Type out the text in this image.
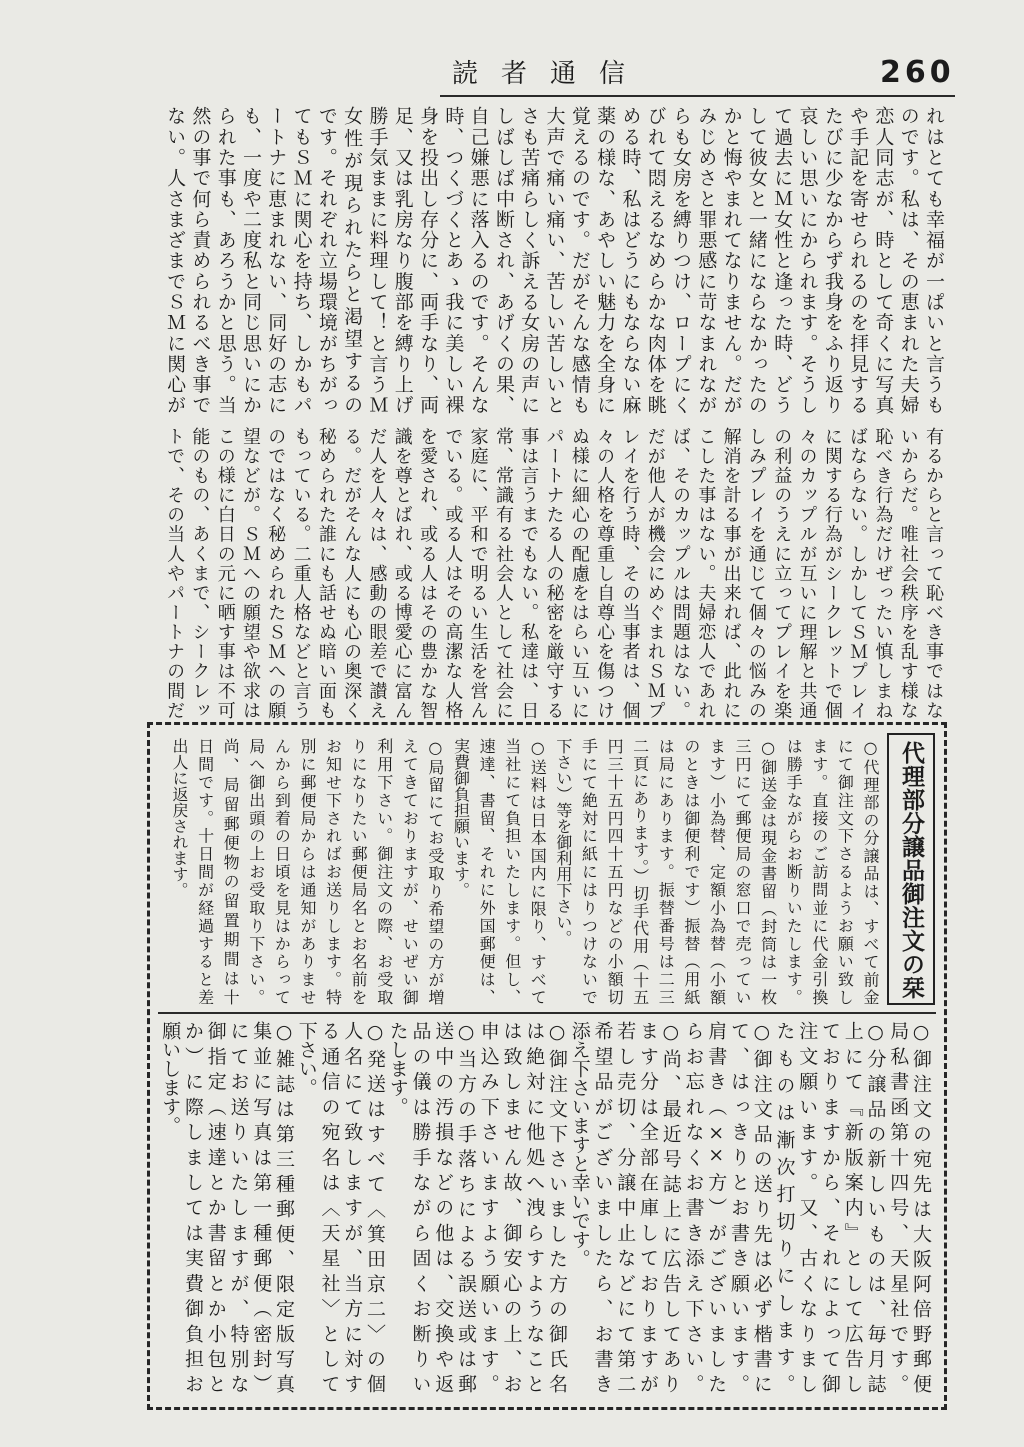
読者通信	260
れはとても幸福が一ぱいと言うも
のです。私は、その恵まれた夫婦
恋人同志が、時として奇くに写真
や手記を寄せられるのを拝見する
たびに少なからず我身をふり返り
哀しい思いにかられます。そうし
て過去にＭ女性と逢った時、どう
して彼女と一緒にならなかったの
かと悔やまれてなりません。だが
みじめさと罪悪感に苛なまれなが
らも女房を縛りつけ、ロープにく
びれて悶えるなめらかな肉体を眺
める時、私はどうにもならない麻
薬の様な、あやしい魅力を全身に
覚えるのです。だがそんな感情も
大声で痛い痛い、苦しい苦しいと
さも苦痛らしく訴える女房の声に
しばしば中断され、あげくの果、
自己嫌悪に落入るのです。そんな
時、つくづくとあゝ我に美しい裸
身を投出し存分に、両手なり、両
足、又は乳房なり腹部を縛り上げ
勝手気ままに料理して！と言うＭ
女性が現られたらと渇望するの
です。それぞれ立場環境がちがっ
てもＳＭに関心を持ち、しかもパ
ートナに恵まれない、同好の志に
も、一度や二度私と同じ思いにか
られた事も、あろうかと思う。当
然の事で何ら責められるべき事で
ない。人さまざまでＳＭに関心が
有るからと言って恥べき事ではな
いからだ。唯社会秩序を乱す様な
恥べき行為だけぜったい慎しまね
ばならない。しかしてＳＭプレイ
に関する行為がシークレットで個
々のカップルが互いに理解と共通
の利益のうえに立ってプレイを楽
しみプレイを通じて個々の悩みの
解消を計る事が出来れば、此れに
こした事はない。夫婦恋人であれ
ば、そのカップルは問題はない。
だが他人が機会にめぐまれＳＭプ
レイを行う時、その当事者は、個
々の人格を尊重し自尊心を傷つけ
ぬ様に細心の配慮をはらい互いに
パートナたる人の秘密を厳守する
事は言うまでもない。私達は、日
常、常識有る社会人として社会に
家庭に、平和で明るい生活を営ん
でいる。或る人はその高潔な人格
を愛され、或る人はその豊かな智
識を尊とばれ、或る博愛心に富ん
だ人を人々は、感動の眼差で讃え
る。だがそんな人にも心の奥深く
秘められた誰にも話せぬ暗い面も
もっている。二重人格などと言う
のではなく秘められたＳＭへの願
望などが。ＳＭへの願望や欲求は
この様に白日の元に晒す事は不可
能のもの、あくまで、シークレッ
トで、その当人やパートナの間だ
代理部分譲品御注文の栞
○代理部の分譲品は、すべて前金
にて御注文下さるようお願い致し
ます。直接のご訪問並に代金引換
は勝手ながらお断りいたします。
○御送金は現金書留（封筒は一枚
三円にて郵便局の窓口で売ってい
ます）小為替、定額小為替（小額
のときは御便利です）振替（用紙
は局にあります。振替番号は二三
二頁にあります。）切手代用（十五
円三十五円四十五円などの小額切
手にて絶対に紙にはりつけないで
下さい）等を御利用下さい。
○送料は日本国内に限り、すべて
当社にて負担いたします。但し、
速達、書留、それに外国郵便は、
実費御負担願います。
○局留にてお受取り希望の方が増
えてきておりますが、せいぜい御
利用下さい。御注文の際、お受取
りになりたい郵便局名とお名前を
お知せ下さればお送りします。特
別に郵便局からは通知がありませ
んから到着の日頃を見はからって
局へ御出頭の上お受取り下さい。
尚、局留郵便物の留置期間は十
日間です。十日間が経過すると差
出人に返戻されます。
○御注文の宛先は大阪阿倍野郵便
局私書函第十四号、天星社です。
○分譲品の新しいものは、毎月誌
上にて『新版案内』として広告し
ておりますから、それによって御
注文願います。又、古くなりまし
たものは漸次打切りにします。
○御注文品の送り先は必ず楷書に
て、はっきりとお書き願います。
肩書き（××方）がございました
らお忘れなくお書き添え下さい。
○尚、最近号誌上に広告してあり
ます分は全部在庫しておりますが
若し売切、分譲中止などにて第二
希望品がございましたら、お書き
添え下さいますと幸いです。
○御注文下さいました方の御氏名
は絶対に他処へ洩らすようなこと
は致しません故、御安心の上、お
申込み下さいますよう願います。
○当方の手落ちによる誤送或は郵
送中の汚損などの他は、交換や返
品の儀は勝手ながら固くお断りい
たします。
○発送はすべて〈箕田京二〉の個
人名にて致しますが、当方に対す
る通信の宛名は〈天星社〉として
下さい。
○雑誌は第三種郵便、限定版写真
集並に写真は第一種郵便（密封）
にてお送りいたしますが、特別な
御指定（速達とか書留とか小包と
か）に際しましては実費御負担お
願いします。
